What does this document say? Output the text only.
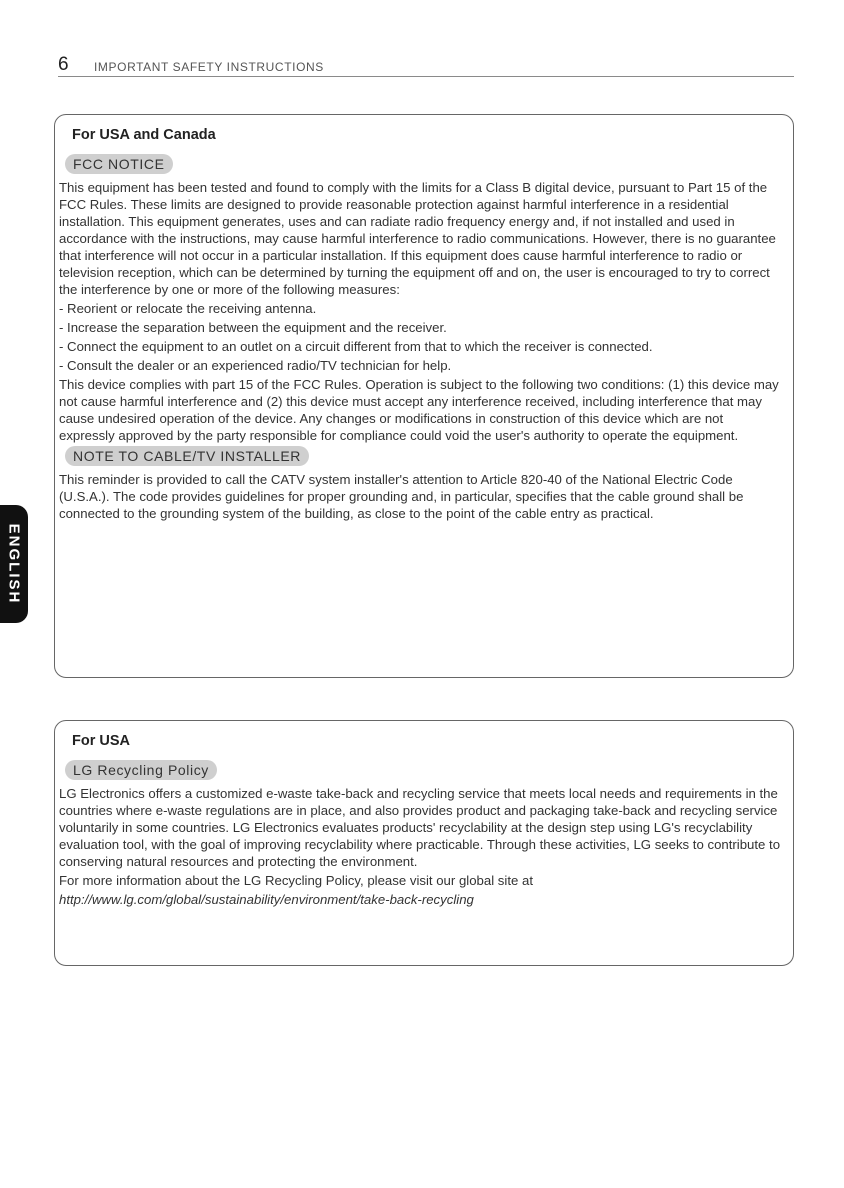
6 IMPORTANT SAFETY INSTRUCTIONS
ENGLISH
For USA and Canada
FCC NOTICE

This equipment has been tested and found to comply with the limits for a Class B digital device, pursuant to Part 15 of the FCC Rules. These limits are designed to provide reasonable protection against harmful interference in a residential installation. This equipment generates, uses and can radiate radio frequency energy and, if not installed and used in accordance with the instructions, may cause harmful interference to radio communications. However, there is no guarantee that interference will not occur in a particular installation. If this equipment does cause harmful interference to radio or television reception, which can be determined by turning the equipment off and on, the user is encouraged to try to correct the interference by one or more of the following measures:

- Reorient or relocate the receiving antenna.

- Increase the separation between the equipment and the receiver.

- Connect the equipment to an outlet on a circuit different from that to which the receiver is connected.

- Consult the dealer or an experienced radio/TV technician for help.

This device complies with part 15 of the FCC Rules. Operation is subject to the following two conditions: (1) this device may not cause harmful interference and (2) this device must accept any interference received, including interference that may cause undesired operation of the device. Any changes or modifications in construction of this device which are not expressly approved by the party responsible for compliance could void the user's authority to operate the equipment.

NOTE TO CABLE/TV INSTALLER

This reminder is provided to call the CATV system installer's attention to Article 820-40 of the National Electric Code (U.S.A.). The code provides guidelines for proper grounding and, in particular, specifies that the cable ground shall be connected to the grounding system of the building, as close to the point of the cable entry as practical.

For USA
LG Recycling Policy

LG Electronics offers a customized e-waste take-back and recycling service that meets local needs and requirements in the countries where e-waste regulations are in place, and also provides product and packaging take-back and recycling service voluntarily in some countries. LG Electronics evaluates products' recyclability at the design step using LG's recyclability evaluation tool, with the goal of improving recyclability where practicable. Through these activities, LG seeks to contribute to conserving natural resources and protecting the environment.

For more information about the LG Recycling Policy, please visit our global site at

http://www.lg.com/global/sustainability/environment/take-back-recycling
